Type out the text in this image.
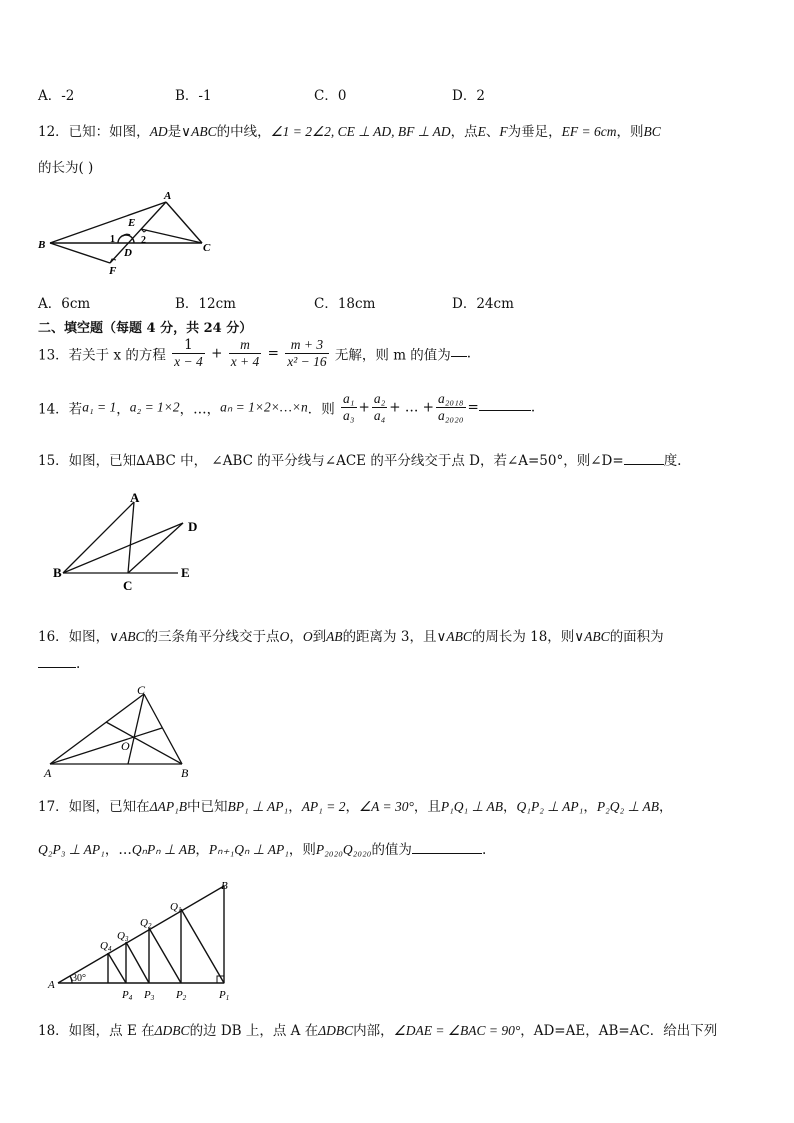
A．-2	B．-1	C．0	D．2
12．已知：如图，AD是∨ABC的中线，∠1 = 2∠2, CE ⊥ AD, BF ⊥ AD，点E、F为垂足，EF = 6cm，则BC
的长为( )
B
A
C
D
E
F
1	2
A．6cm	B．12cm	C．18cm	D．24cm
二、填空题（每题 4 分，共 24 分）
13．若关于 x 的方程 $\frac{1}{x - 4} + \frac{m}{x + 4} = \frac{m + 3}{\text{x² − 16}}$ 无解，则 m 的值为 .
14．若a₁ = 1，a₂ = 1×2，…，aₙ = 1×2×…×n．则 $\frac{\text{a₁}}{\text{a₃}} + \frac{\text{a₂}}{\text{a₄}}$ + … + $\frac{\text{a₂₀₁₈}}{\text{a₂₀₂₀}}$ =	.
15．如图，已知∆ABC 中， ∠ABC 的平分线与∠ACE 的平分线交于点 D，若∠A=50°，则∠D=	度.
A
B
C
D
E
16．如图，∨ABC的三条角平分线交于点O，O到AB的距离为 3，且∨ABC的周长为 18，则∨ABC的面积为
.
C
A	B
O
17．如图，已知在ΔAP₁B中已知BP₁ ⊥ AP₁，AP₁ = 2，∠A = 30°，且P₁Q₁ ⊥ AB，Q₁P₂ ⊥ AP₁，P₂Q₂ ⊥ AB，
Q₂P₃ ⊥ AP₁，…QₙPₙ ⊥ AB，Pₙ₊₁Qₙ ⊥ AP₁，则P₂₀₂₀Q₂₀₂₀的值为	.
A
B
30°
Q1
Q2
Q3
Q4
P1
P2
P3
P4
18．如图，点 E 在ΔDBC的边 DB 上，点 A 在ΔDBC内部，∠DAE = ∠BAC = 90°，AD=AE，AB=AC．给出下列
